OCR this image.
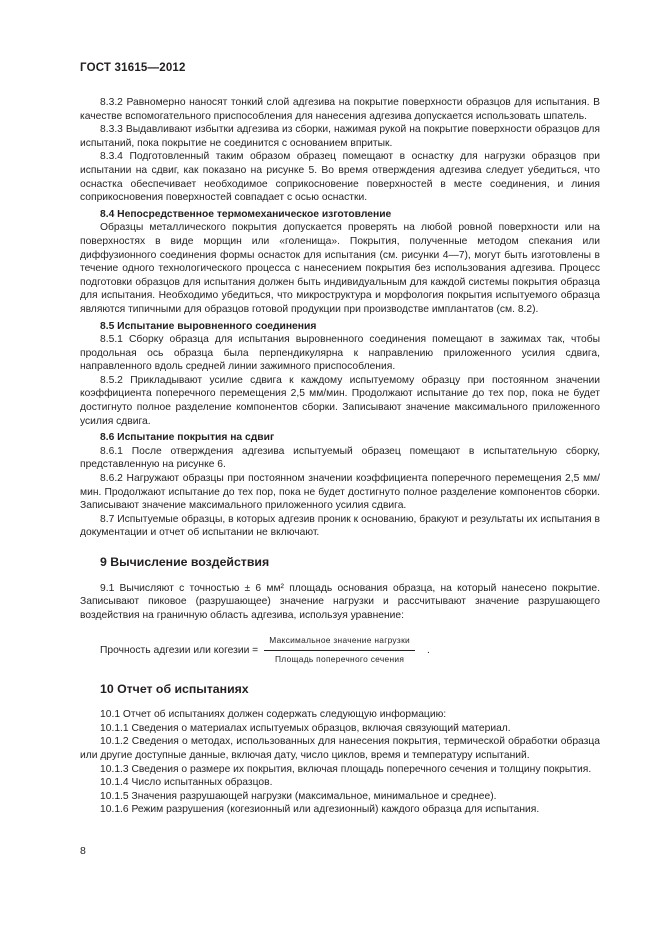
ГОСТ 31615—2012

8.3.2 Равномерно наносят тонкий слой адгезива на покрытие поверхности образцов для испытания. В качестве вспомогательного приспособления для нанесения адгезива допускается использовать шпатель.

8.3.3 Выдавливают избытки адгезива из сборки, нажимая рукой на покрытие поверхности образцов для испытаний, пока покрытие не соединится с основанием впритык.

8.3.4 Подготовленный таким образом образец помещают в оснастку для нагрузки образцов при испытании на сдвиг, как показано на рисунке 5. Во время отверждения адгезива следует убедиться, что оснастка обеспечивает необходимое соприкосновение поверхностей в месте соединения, и линия соприкосновения поверхностей совпадает с осью оснастки.

8.4 Непосредственное термомеханическое изготовление

Образцы металлического покрытия допускается проверять на любой ровной поверхности или на поверхностях в виде морщин или «голенища». Покрытия, полученные методом спекания или диффузионного соединения формы оснасток для испытания (см. рисунки 4—7), могут быть изготовлены в течение одного технологического процесса с нанесением покрытия без использования адгезива. Процесс подготовки образцов для испытания должен быть индивидуальным для каждой системы покрытия образца для испытания. Необходимо убедиться, что микроструктура и морфология покрытия испытуемого образца являются типичными для образцов готовой продукции при производстве имплантатов (см. 8.2).

8.5 Испытание выровненного соединения

8.5.1 Сборку образца для испытания выровненного соединения помещают в зажимах так, чтобы продольная ось образца была перпендикулярна к направлению приложенного усилия сдвига, направленного вдоль средней линии зажимного приспособления.

8.5.2 Прикладывают усилие сдвига к каждому испытуемому образцу при постоянном значении коэффициента поперечного перемещения 2,5 мм/мин. Продолжают испытание до тех пор, пока не будет достигнуто полное разделение компонентов сборки. Записывают значение максимального приложенного усилия сдвига.

8.6 Испытание покрытия на сдвиг

8.6.1 После отверждения адгезива испытуемый образец помещают в испытательную сборку, представленную на рисунке 6.

8.6.2 Нагружают образцы при постоянном значении коэффициента поперечного перемещения 2,5 мм/мин. Продолжают испытание до тех пор, пока не будет достигнуто полное разделение компонентов сборки. Записывают значение максимального приложенного усилия сдвига.

8.7 Испытуемые образцы, в которых адгезив проник к основанию, бракуют и результаты их испытания в документации и отчет об испытании не включают.

9 Вычисление воздействия

9.1 Вычисляют с точностью ± 6 мм² площадь основания образца, на который нанесено покрытие. Записывают пиковое (разрушающее) значение нагрузки и рассчитывают значение разрушающего воздействия на граничную область адгезива, используя уравнение:

Прочность адгезии или когезии = $\frac{\text{Максимальное значение нагрузки}}{\text{Площадь поперечного сечения}}$ .

10 Отчет об испытаниях

10.1 Отчет об испытаниях должен содержать следующую информацию:

10.1.1 Сведения о материалах испытуемых образцов, включая связующий материал.

10.1.2 Сведения о методах, использованных для нанесения покрытия, термической обработки образца или другие доступные данные, включая дату, число циклов, время и температуру испытаний.

10.1.3 Сведения о размере их покрытия, включая площадь поперечного сечения и толщину покрытия.

10.1.4 Число испытанных образцов.

10.1.5 Значения разрушающей нагрузки (максимальное, минимальное и среднее).

10.1.6 Режим разрушения (когезионный или адгезионный) каждого образца для испытания.

8
